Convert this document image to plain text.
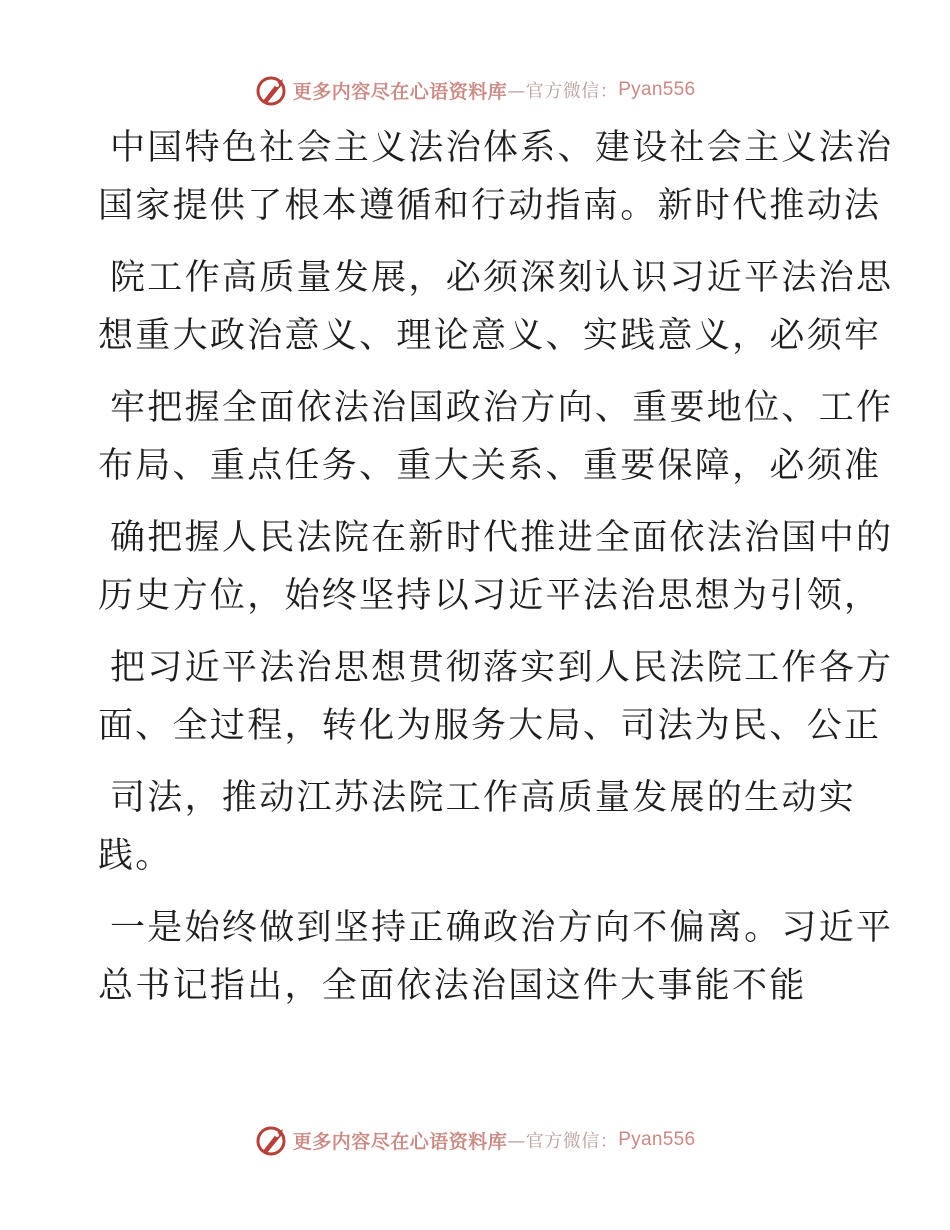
更多内容尽在心语资料库 —官方微信： Pyan556
中国特色社会主义法治体系、建设社会主义法治
国家提供了根本遵循和行动指南。新时代推动法
院工作高质量发展，必须深刻认识习近平法治思
想重大政治意义、理论意义、实践意义，必须牢
牢把握全面依法治国政治方向、重要地位、工作
布局、重点任务、重大关系、重要保障，必须准
确把握人民法院在新时代推进全面依法治国中的
历史方位，始终坚持以习近平法治思想为引领，
把习近平法治思想贯彻落实到人民法院工作各方
面、全过程，转化为服务大局、司法为民、公正
司法，推动江苏法院工作高质量发展的生动实
践。
一是始终做到坚持正确政治方向不偏离。习近平
总书记指出，全面依法治国这件大事能不能
更多内容尽在心语资料库 —官方微信： Pyan556
